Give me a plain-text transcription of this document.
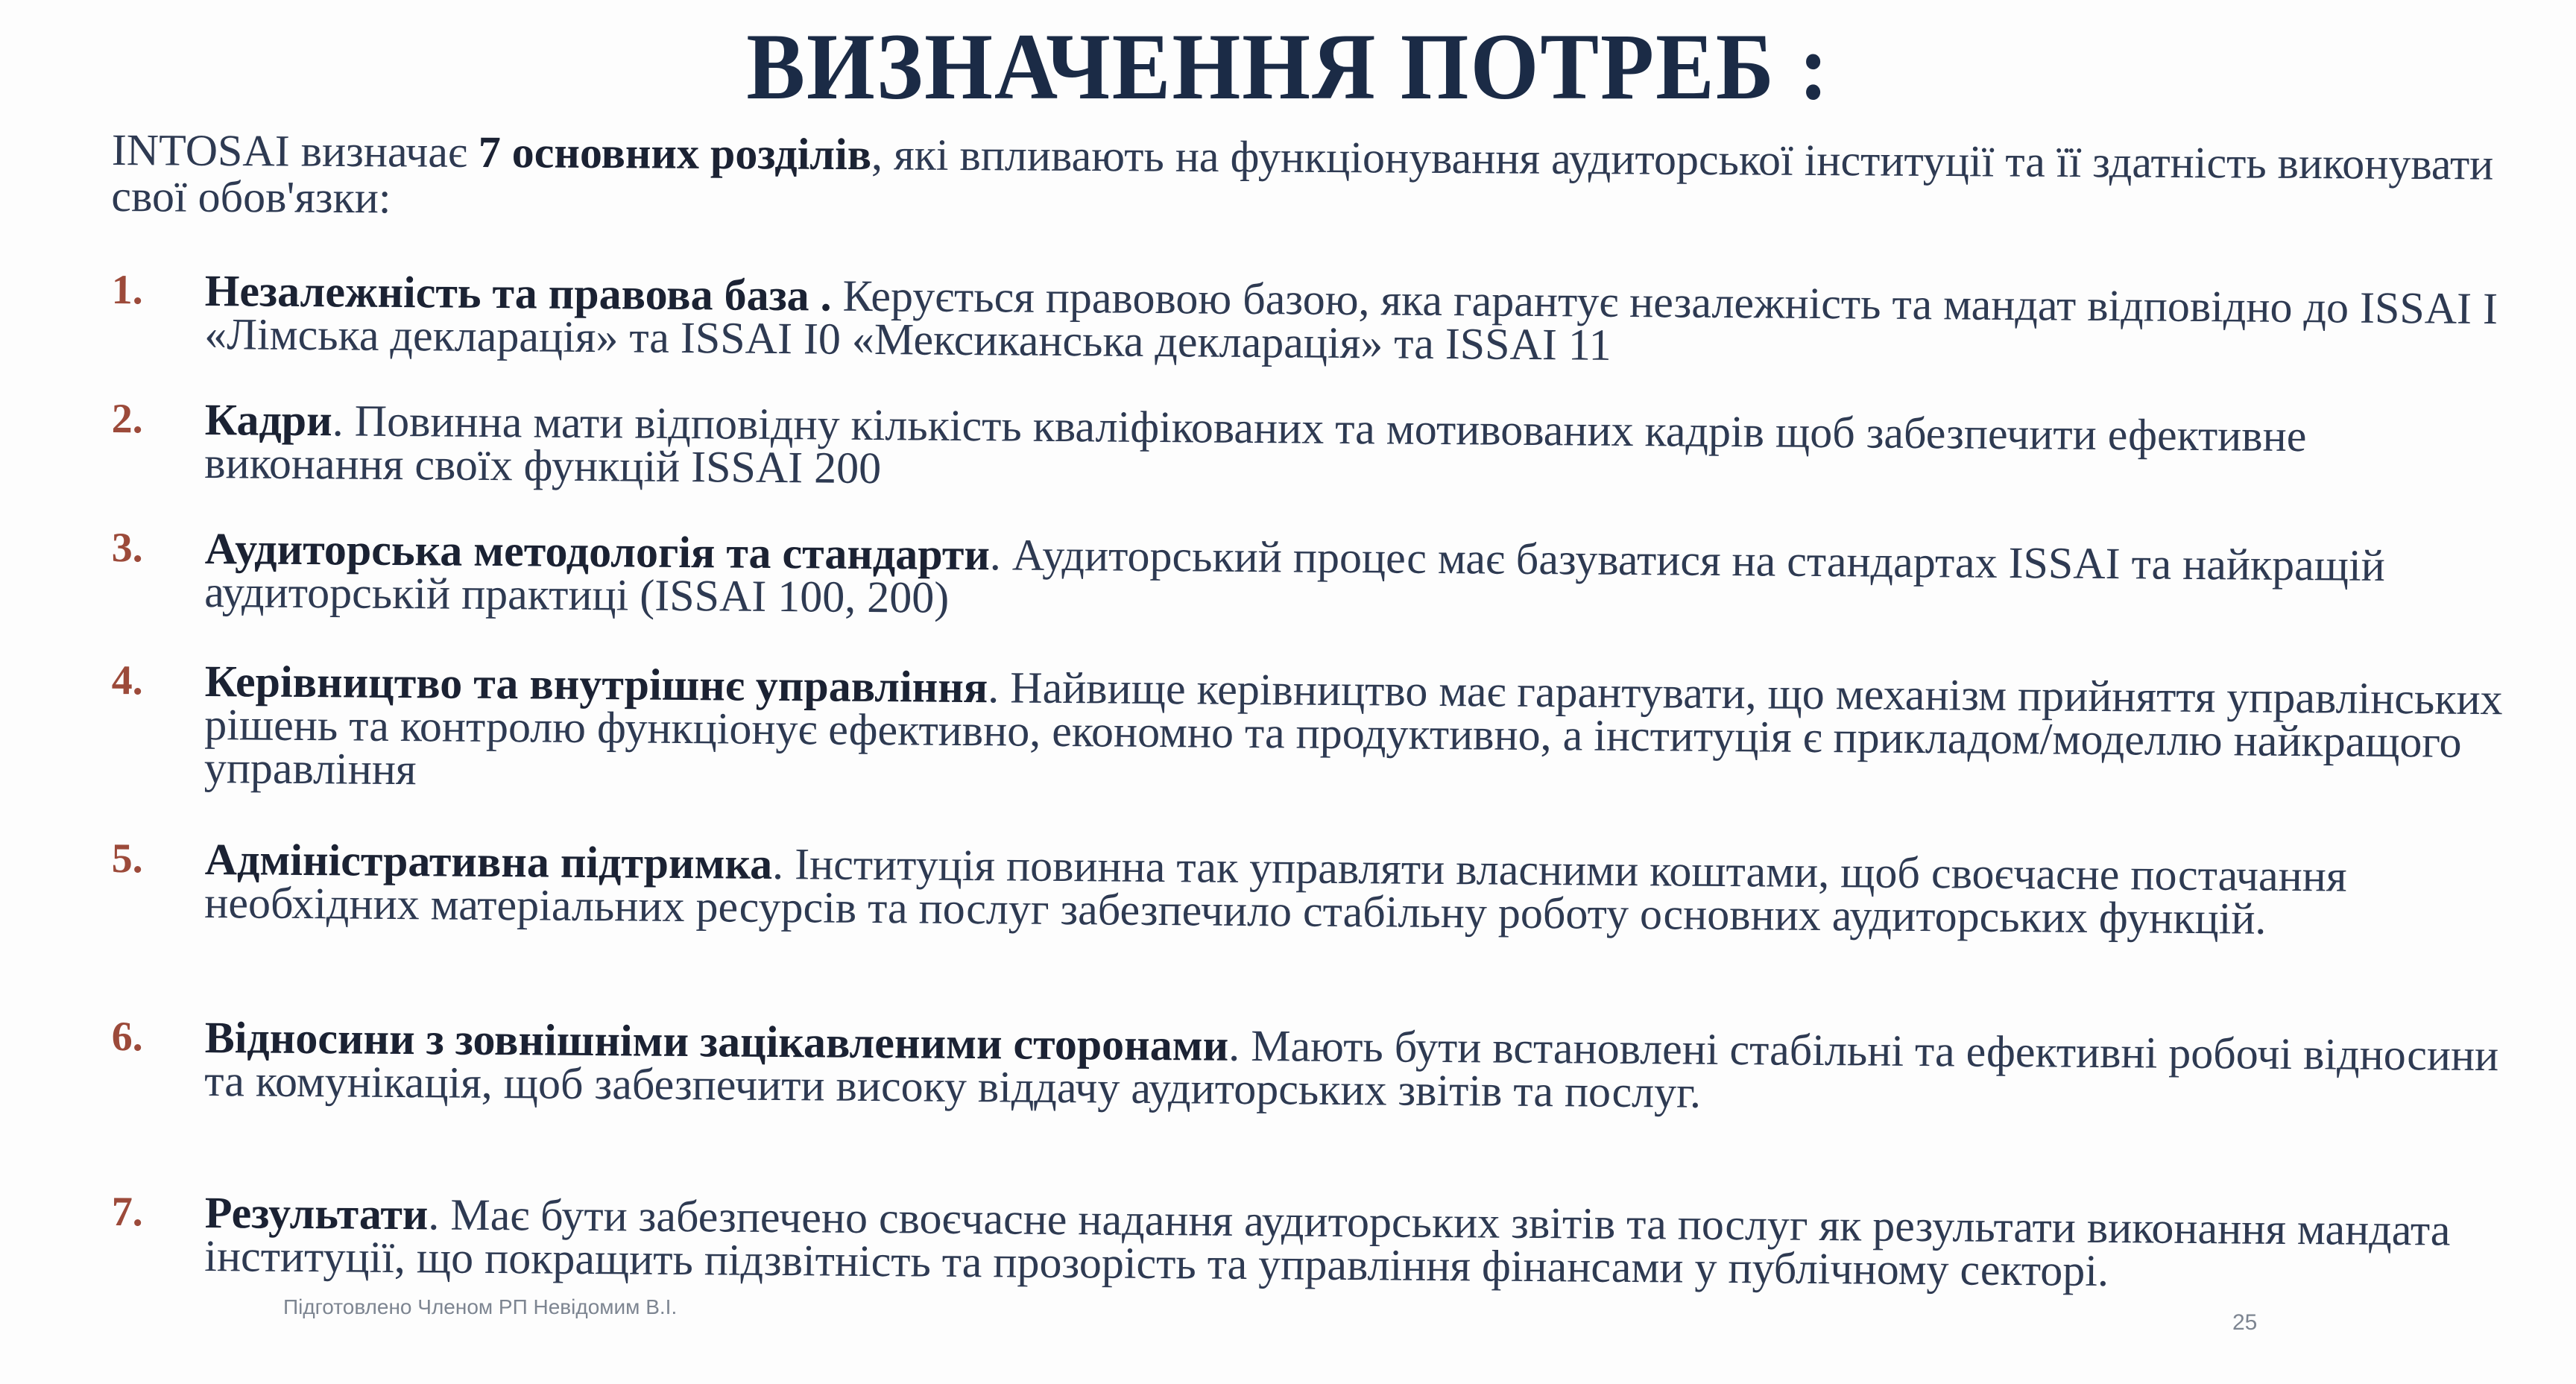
ВИЗНАЧЕННЯ ПОТРЕБ :
INTOSAI визначає 7 основних розділів, які впливають на функціонування аудиторської інституції та її здатність виконувати свої обов'язки:
1.	Незалежність та правова база . Керується правовою базою, яка гарантує незалежність та мандат відповідно до ISSAI I «Лімська декларація» та ISSAI I0 «Мексиканська декларація» та ISSAI 11
2.	Кадри. Повинна мати відповідну кількість кваліфікованих та мотивованих кадрів щоб забезпечити ефективне виконання своїх функцій ISSAI 200
3.	Аудиторська методологія та стандарти. Аудиторський процес має базуватися на стандартах ISSAI та найкращій аудиторській практиці (ISSAI 100, 200)
4.	Керівництво та внутрішнє управління. Найвище керівництво має гарантувати, що механізм прийняття управлінських рішень та контролю функціонує ефективно, економно та продуктивно, а інституція є прикладом/моделлю найкращого управління
5.	Адміністративна підтримка. Інституція повинна так управляти власними коштами, щоб своєчасне постачання необхідних матеріальних ресурсів та послуг забезпечило стабільну роботу основних аудиторських функцій.
6.	Відносини з зовнішніми зацікавленими сторонами. Мають бути встановлені стабільні та ефективні робочі відносини та комунікація, щоб забезпечити високу віддачу аудиторських звітів та послуг.
7.	Результати. Має бути забезпечено своєчасне надання аудиторських звітів та послуг як результати виконання мандата інституції, що покращить підзвітність та прозорість та управління фінансами у публічному секторі.
Підготовлено Членом РП Невідомим В.І.
25
